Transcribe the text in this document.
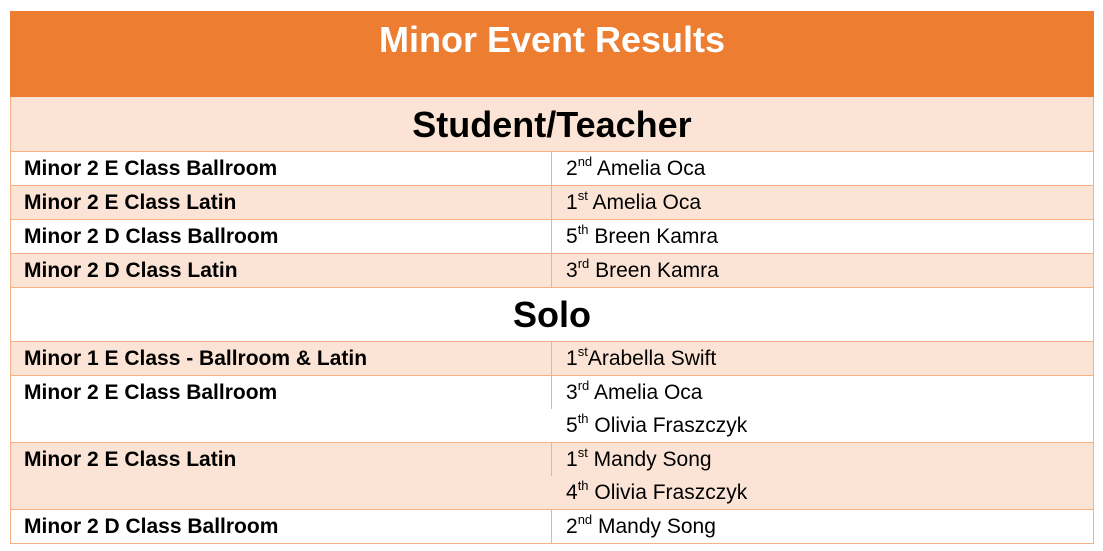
Minor Event Results
Student/Teacher
Minor 2 E Class Ballroom	2nd Amelia Oca
Minor 2 E Class Latin	1st Amelia Oca
Minor 2 D Class Ballroom	5th Breen Kamra
Minor 2 D Class Latin	3rd Breen Kamra
Solo
Minor 1 E Class - Ballroom & Latin	1stArabella Swift
Minor 2 E Class Ballroom	3rd Amelia Oca
5th Olivia Fraszczyk
Minor 2 E Class Latin	1st Mandy Song
4th Olivia Fraszczyk
Minor 2 D Class Ballroom	2nd Mandy Song
